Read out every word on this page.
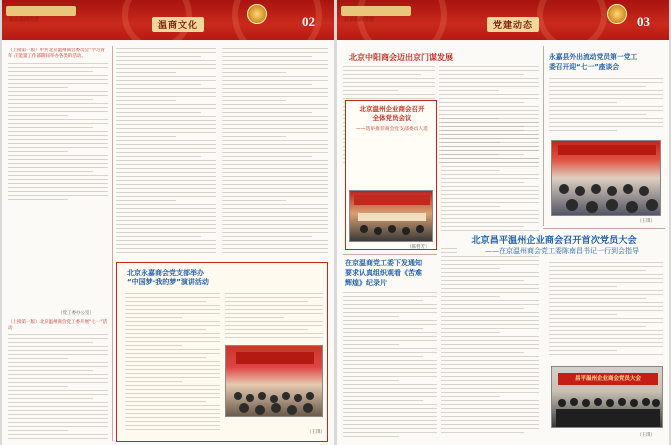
北京温商党建
温商文化	02
（上接第一版）中共北京温州商会委员会”学习青年 正能量工作部期间举办各类的活动。
（党工委办公室）
（上接第一版）北京温州商会党工委开展“七一”活动
北京永嘉商会党支部举办
“中国梦·我的梦”演讲活动
（王琪）
北京温商党建
党建动态	03
北京中阳商会迈出京门谋发展
北京温州企业商会召开
全体党员会议
——选举推荐商会党支部委员人选
（陈哲芳）
永嘉县外出流动党员第一党工
委召开迎“七一”座谈会
（王琪）
在京温商党工委下发通知
要求认真组织观看《苦难
辉煌》纪录片
北京昌平温州企业商会召开首次党员大会
——在京温州商会党工委陈南昌书记一行到会指导
昌平温州企业商会党员大会
（王琪）
